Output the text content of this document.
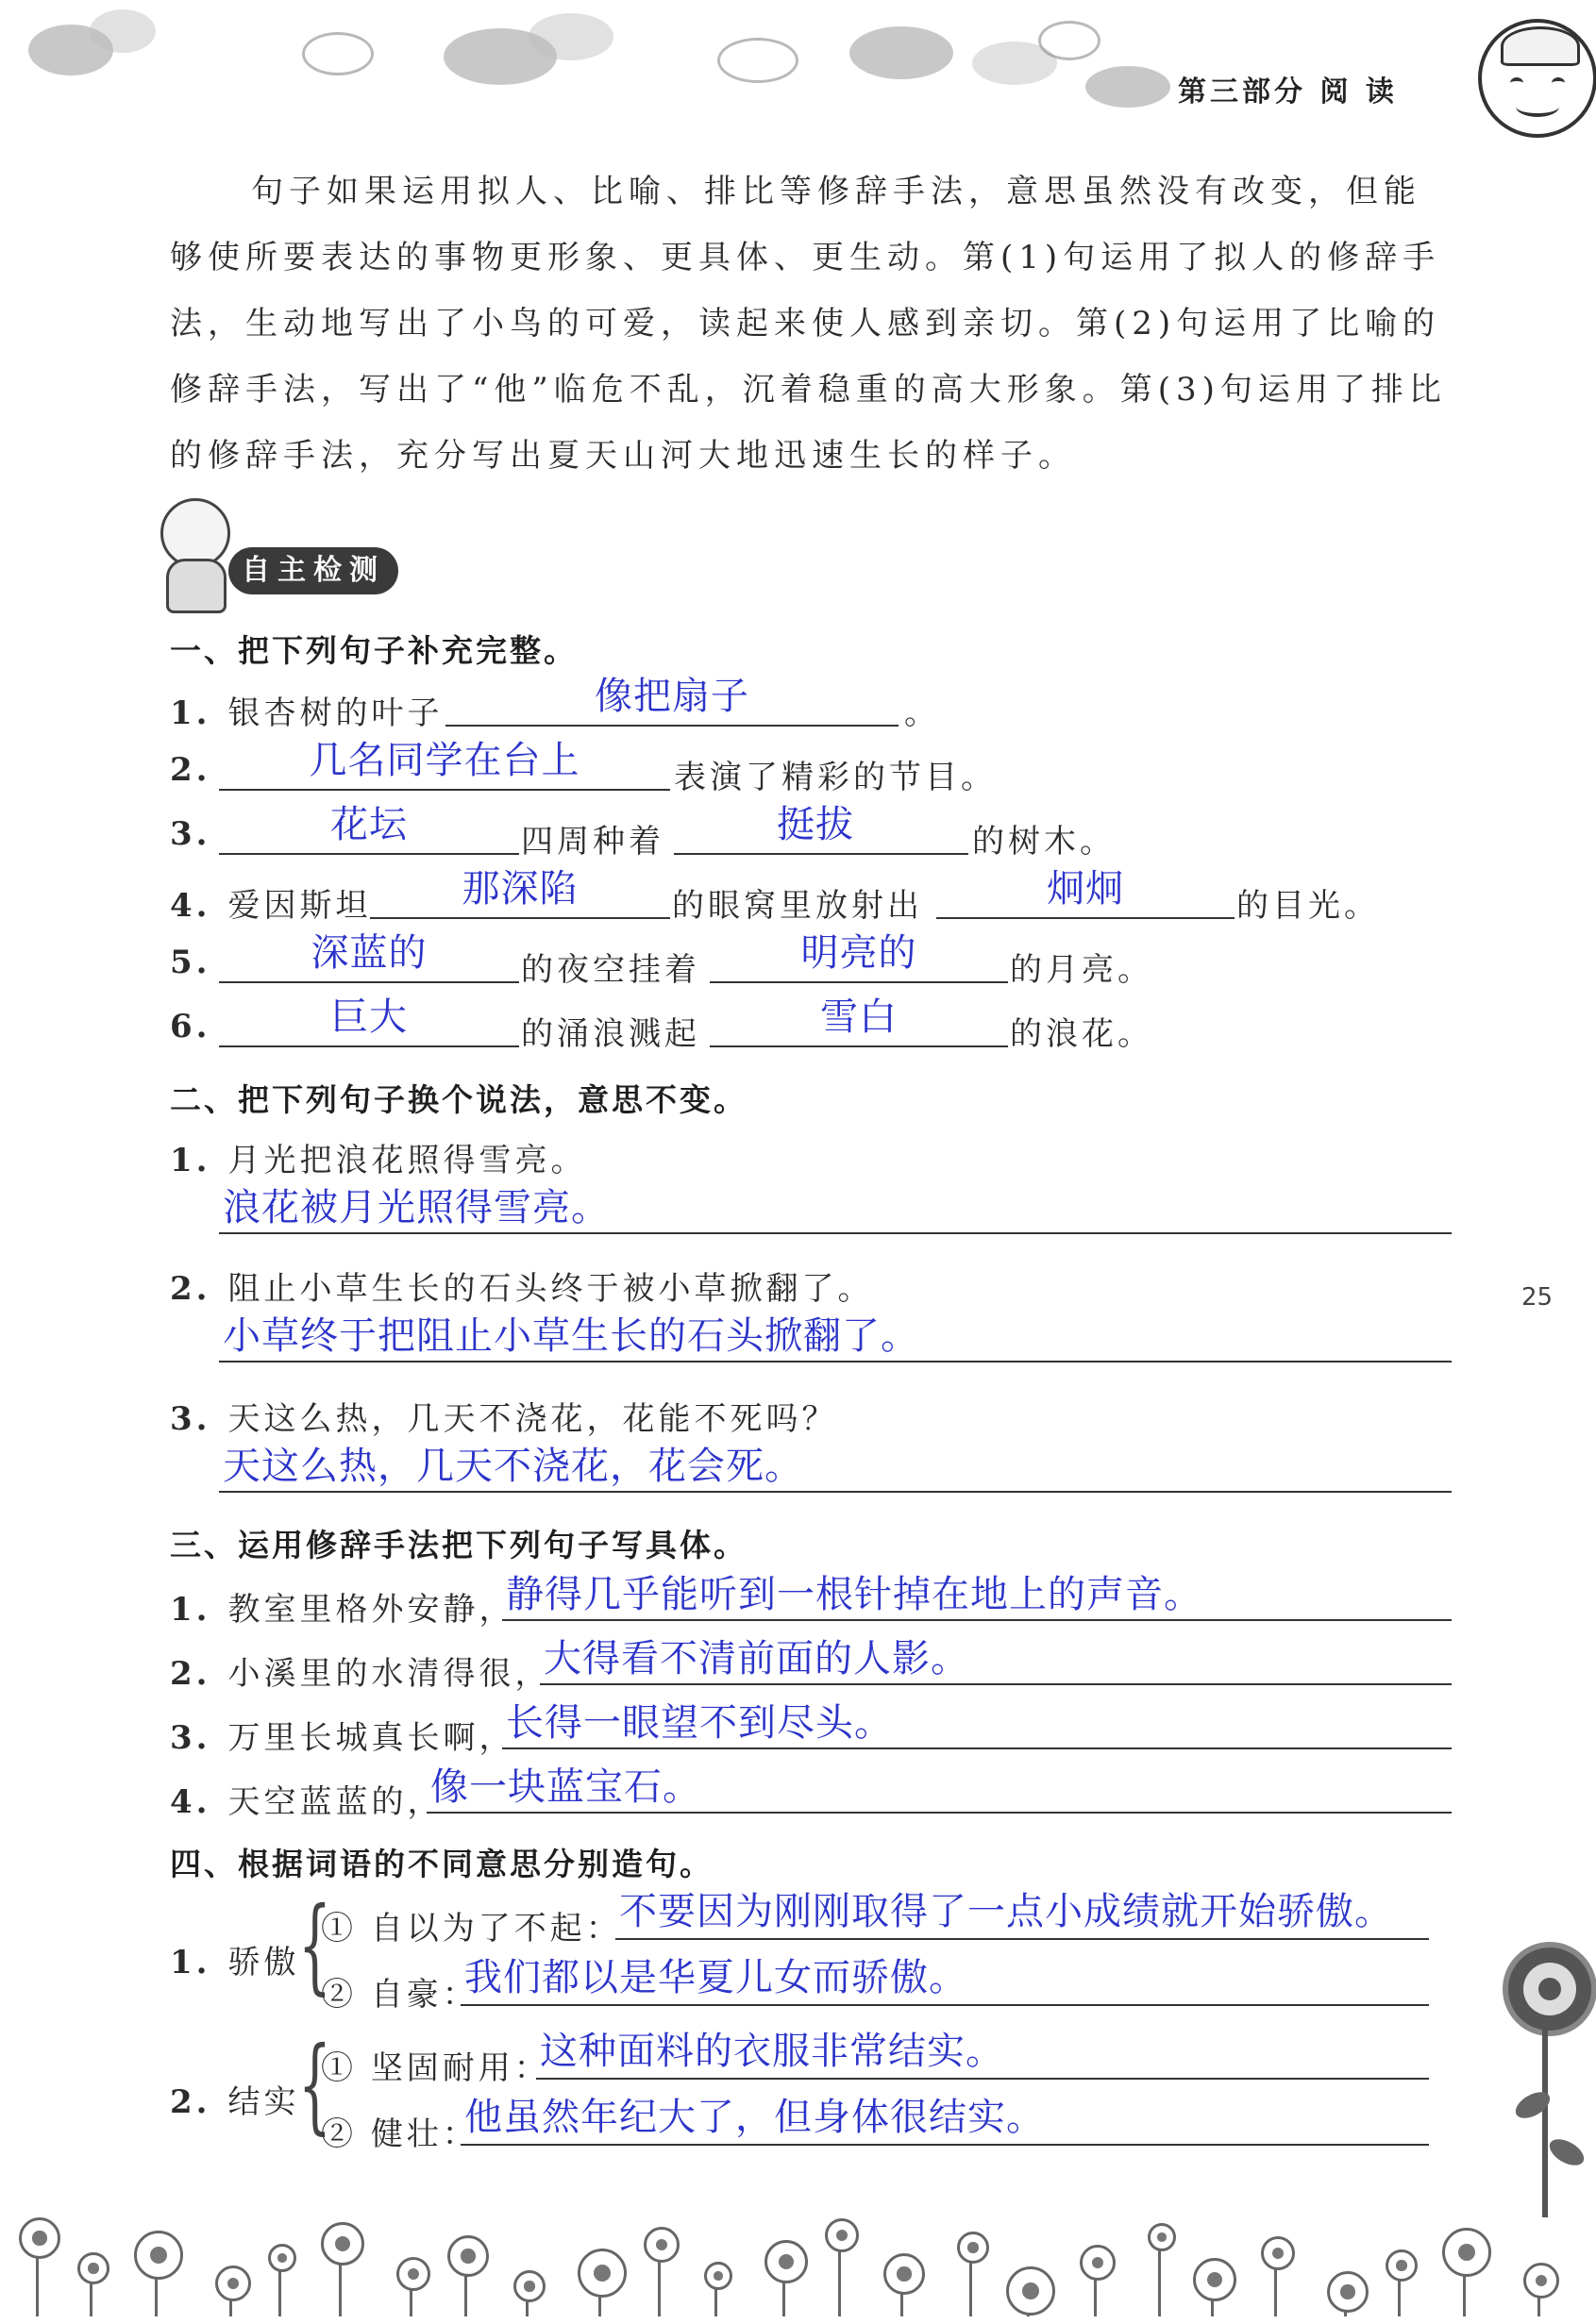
第三部分 阅 读

句子如果运用拟人、比喻、排比等修辞手法，意思虽然没有改变，但能够使所要表达的事物更形象、更具体、更生动。第(1)句运用了拟人的修辞手法，生动地写出了小鸟的可爱，读起来使人感到亲切。第(2)句运用了比喻的修辞手法，写出了“他”临危不乱，沉着稳重的高大形象。第(3)句运用了排比的修辞手法，充分写出夏天山河大地迅速生长的样子。

自主检测
一、把下列句子补充完整。
1. 银杏树的叶子	像把扇子	。
2.	几名同学在台上	表演了精彩的节目。
3.	花坛	四周种着	挺拔	的树木。
4. 爱因斯坦	那深陷	的眼窝里放射出	炯炯	的目光。
5.	深蓝的	的夜空挂着	明亮的	的月亮。
6.	巨大	的涌浪溅起	雪白	的浪花。
二、把下列句子换个说法，意思不变。
1. 月光把浪花照得雪亮。
浪花被月光照得雪亮。
2. 阻止小草生长的石头终于被小草掀翻了。
小草终于把阻止小草生长的石头掀翻了。
25
3. 天这么热，几天不浇花，花能不死吗？
天这么热，几天不浇花，花会死。
三、运用修辞手法把下列句子写具体。
1. 教室里格外安静，
静得几乎能听到一根针掉在地上的声音。
2. 小溪里的水清得很，
大得看不清前面的人影。
3. 万里长城真长啊，
长得一眼望不到尽头。
4. 天空蓝蓝的，
像一块蓝宝石。
四、根据词语的不同意思分别造句。
1. 骄傲
{
① 自以为了不起：
不要因为刚刚取得了一点小成绩就开始骄傲。
② 自豪：
我们都以是华夏儿女而骄傲。
2. 结实
{
① 坚固耐用：
这种面料的衣服非常结实。
② 健壮：
他虽然年纪大了，但身体很结实。
